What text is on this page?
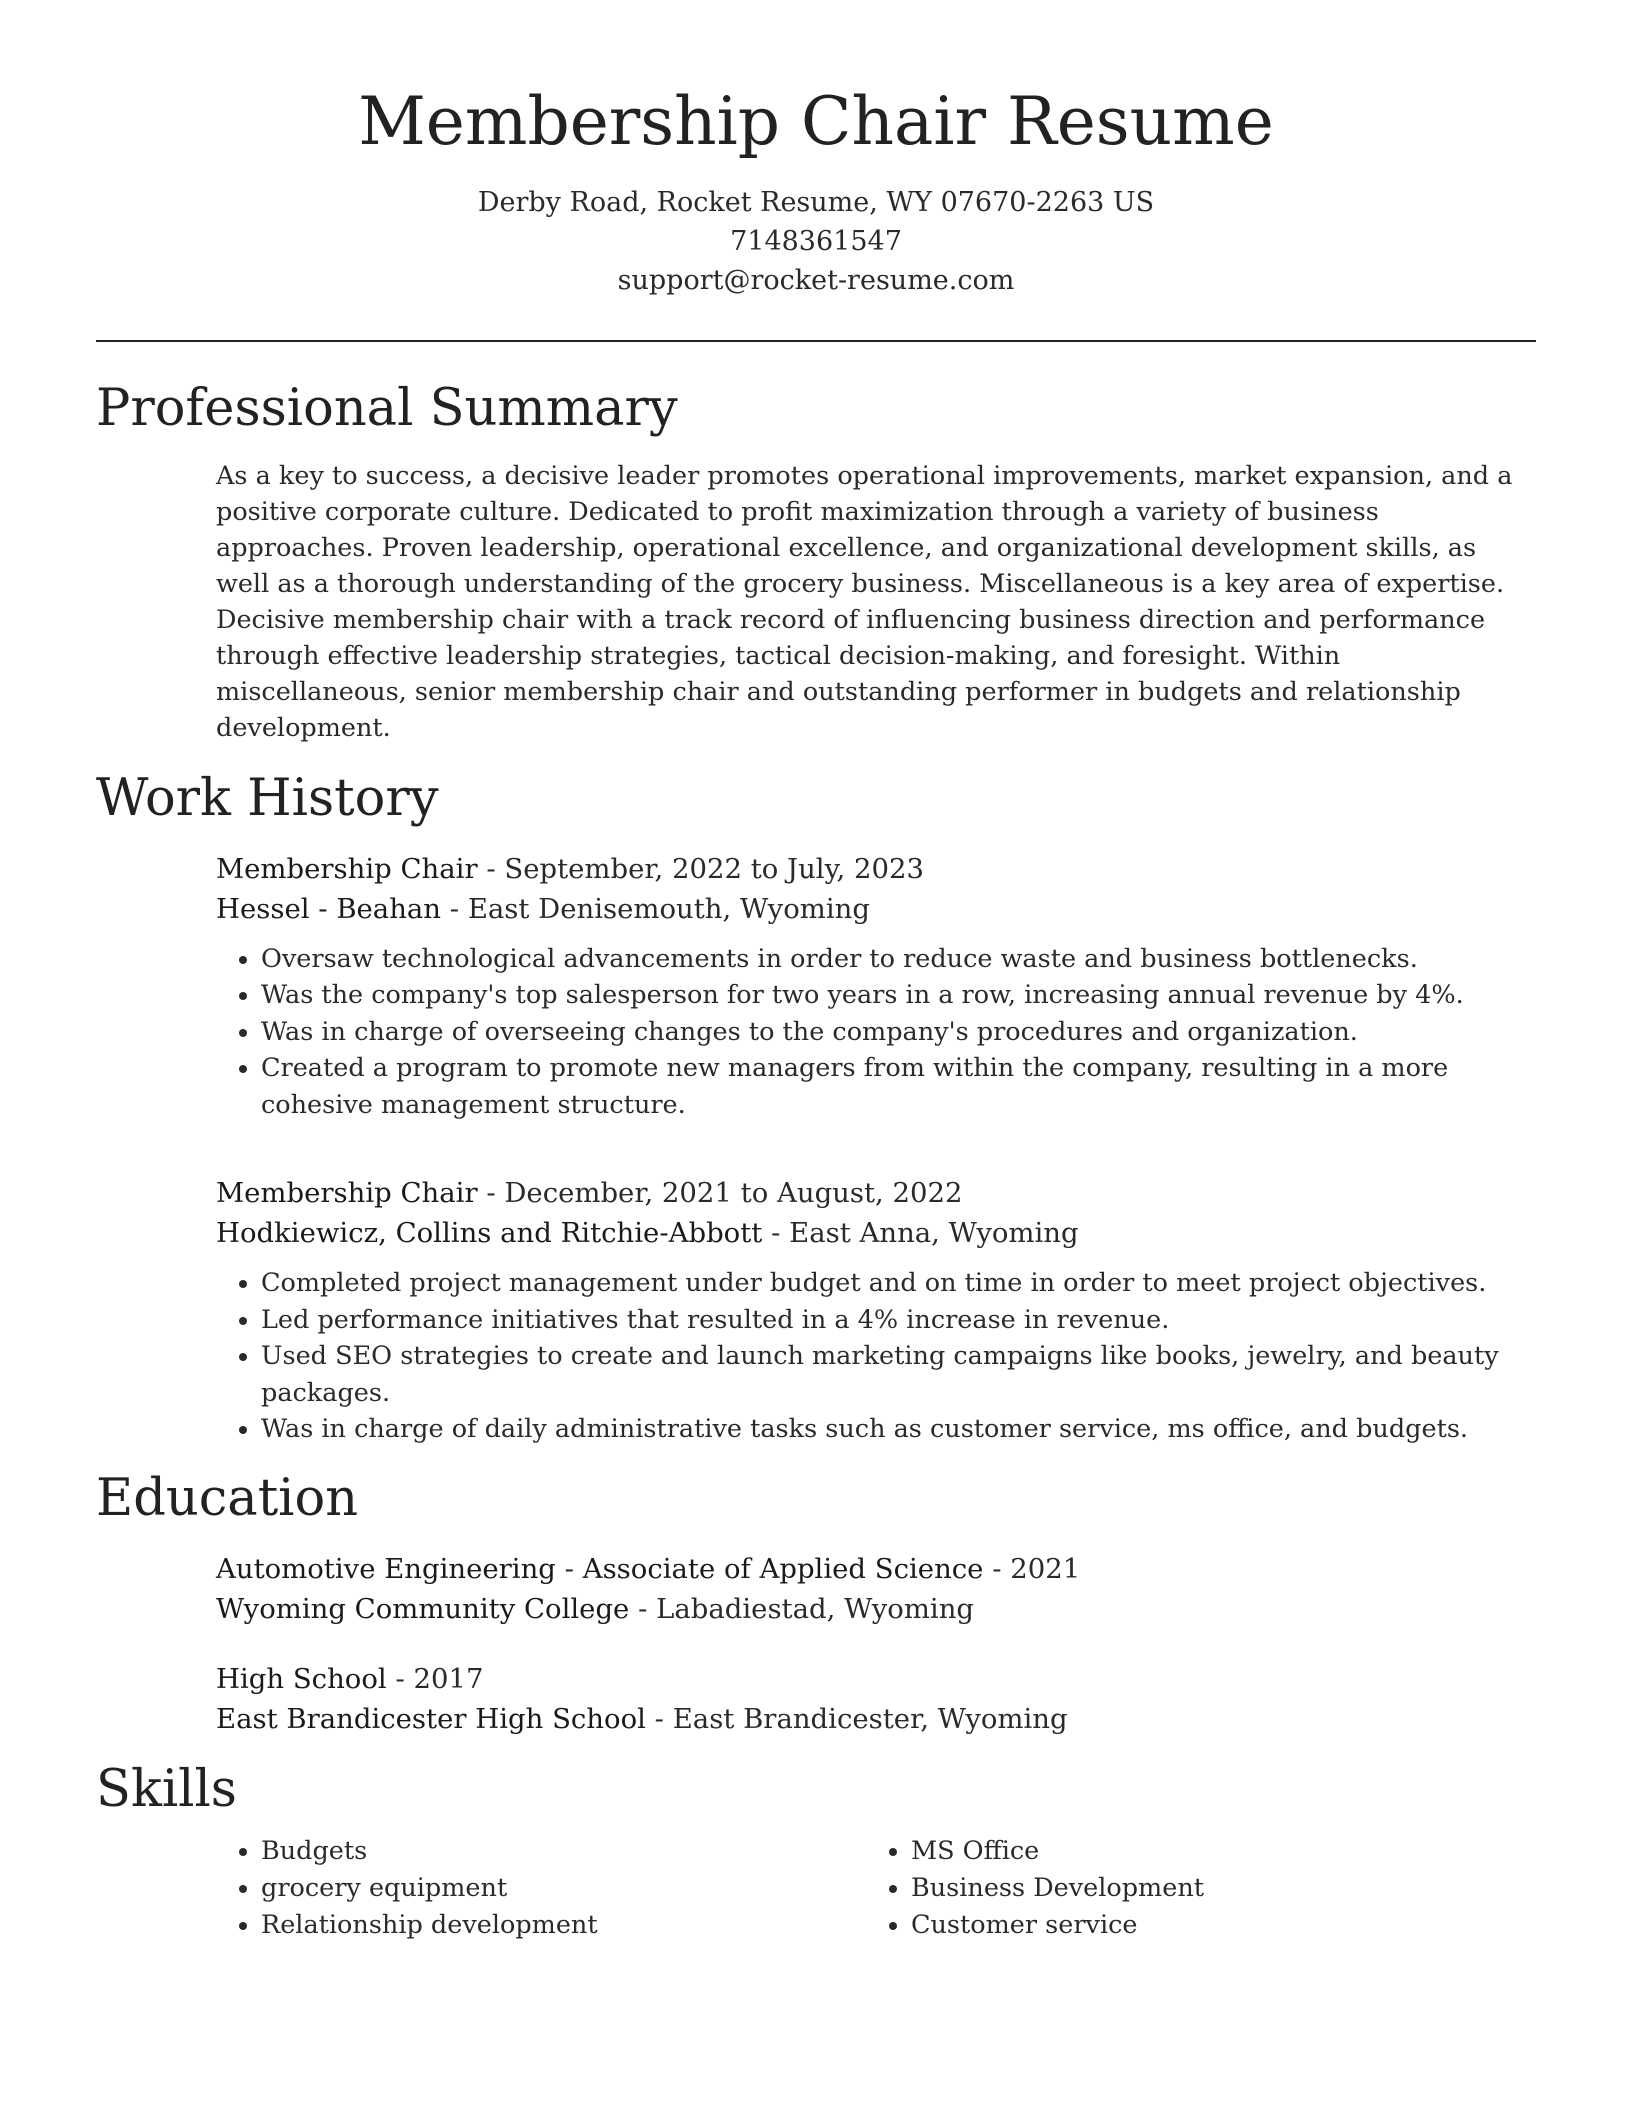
Membership Chair Resume
Derby Road, Rocket Resume, WY 07670-2263 US
7148361547
support@rocket-resume.com
Professional Summary

As a key to success, a decisive leader promotes operational improvements, market expansion, and a positive corporate culture. Dedicated to profit maximization through a variety of business approaches. Proven leadership, operational excellence, and organizational development skills, as well as a thorough understanding of the grocery business. Miscellaneous is a key area of expertise. Decisive membership chair with a track record of influencing business direction and performance through effective leadership strategies, tactical decision-making, and foresight. Within miscellaneous, senior membership chair and outstanding performer in budgets and relationship development.

Work History
Membership Chair - September, 2022 to July, 2023
Hessel - Beahan - East Denisemouth, Wyoming
• Oversaw technological advancements in order to reduce waste and business bottlenecks.
• Was the company's top salesperson for two years in a row, increasing annual revenue by 4%.
• Was in charge of overseeing changes to the company's procedures and organization.
• Created a program to promote new managers from within the company, resulting in a more cohesive management structure.
Membership Chair - December, 2021 to August, 2022
Hodkiewicz, Collins and Ritchie-Abbott - East Anna, Wyoming
• Completed project management under budget and on time in order to meet project objectives.
• Led performance initiatives that resulted in a 4% increase in revenue.
• Used SEO strategies to create and launch marketing campaigns like books, jewelry, and beauty packages.
• Was in charge of daily administrative tasks such as customer service, ms office, and budgets.
Education
Automotive Engineering - Associate of Applied Science - 2021
Wyoming Community College - Labadiestad, Wyoming
High School - 2017
East Brandicester High School - East Brandicester, Wyoming
Skills
• Budgets
• grocery equipment
• Relationship development
• MS Office
• Business Development
• Customer service
